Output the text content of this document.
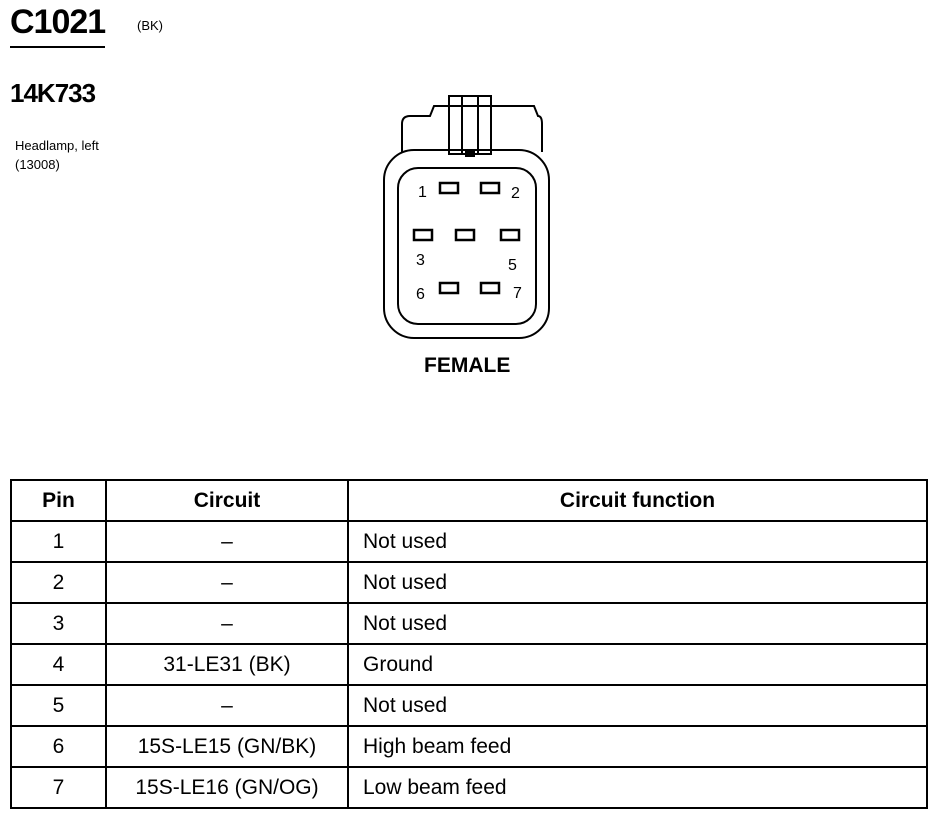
C1021 (BK)
14K733
Headlamp, left
(13008)
1	2
3	5
6	7
FEMALE
Pin	Circuit	Circuit function
1	–	Not used
2	–	Not used
3	–	Not used
4	31-LE31 (BK)	Ground
5	–	Not used
6	15S-LE15 (GN/BK)	High beam feed
7	15S-LE16 (GN/OG)	Low beam feed
